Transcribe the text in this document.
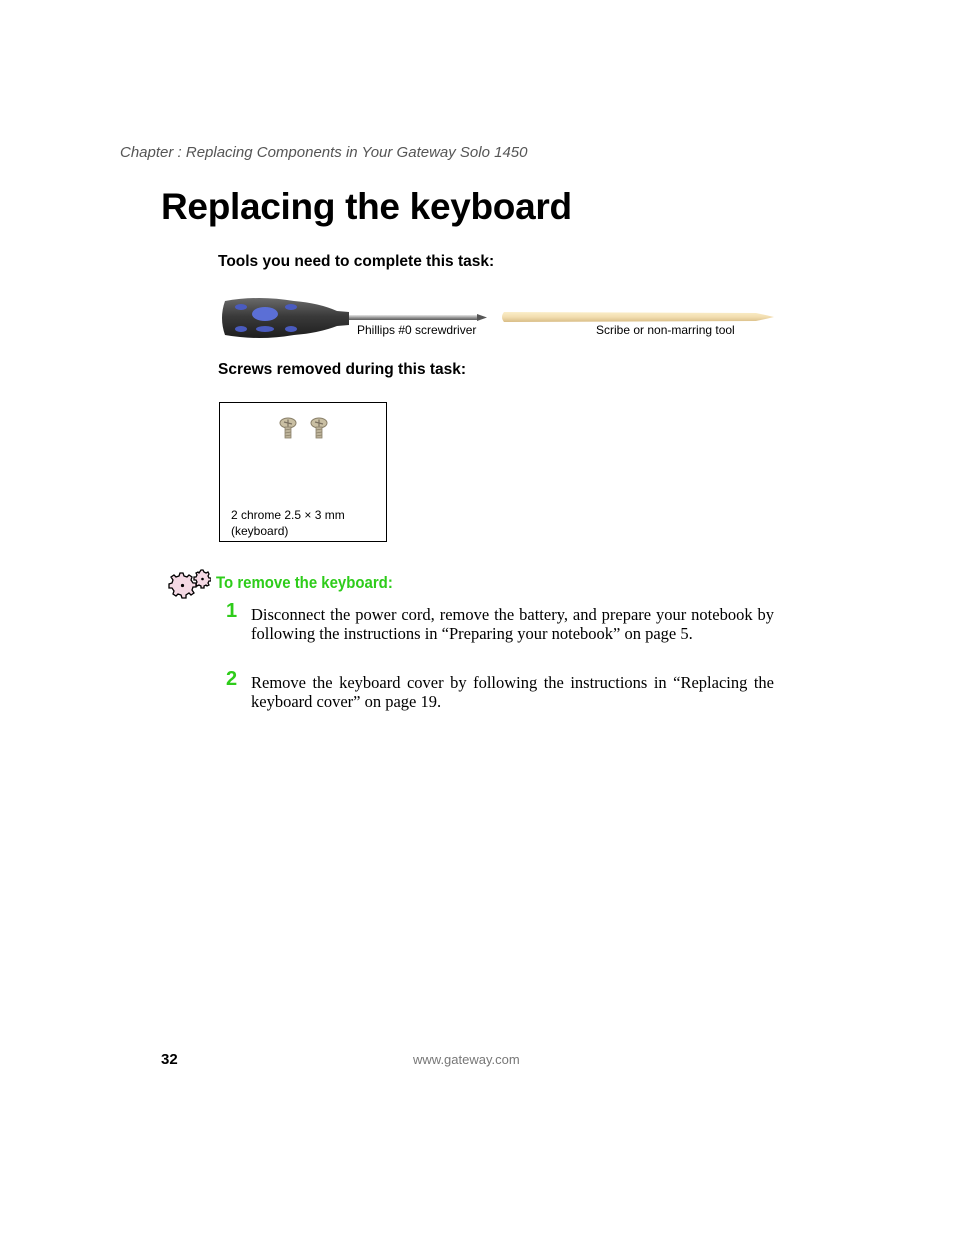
Chapter : Replacing Components in Your Gateway Solo 1450
Replacing the keyboard
Tools you need to complete this task:
Phillips #0 screwdriver	Scribe or non-marring tool
Screws removed during this task:
2 chrome 2.5 × 3 mm
(keyboard)
To remove the keyboard:
1 Disconnect the power cord, remove the battery, and prepare your notebook by following the instructions in “Preparing your notebook” on page 5.

2 Remove the keyboard cover by following the instructions in “Replacing the keyboard cover” on page 19.

32	www.gateway.com
